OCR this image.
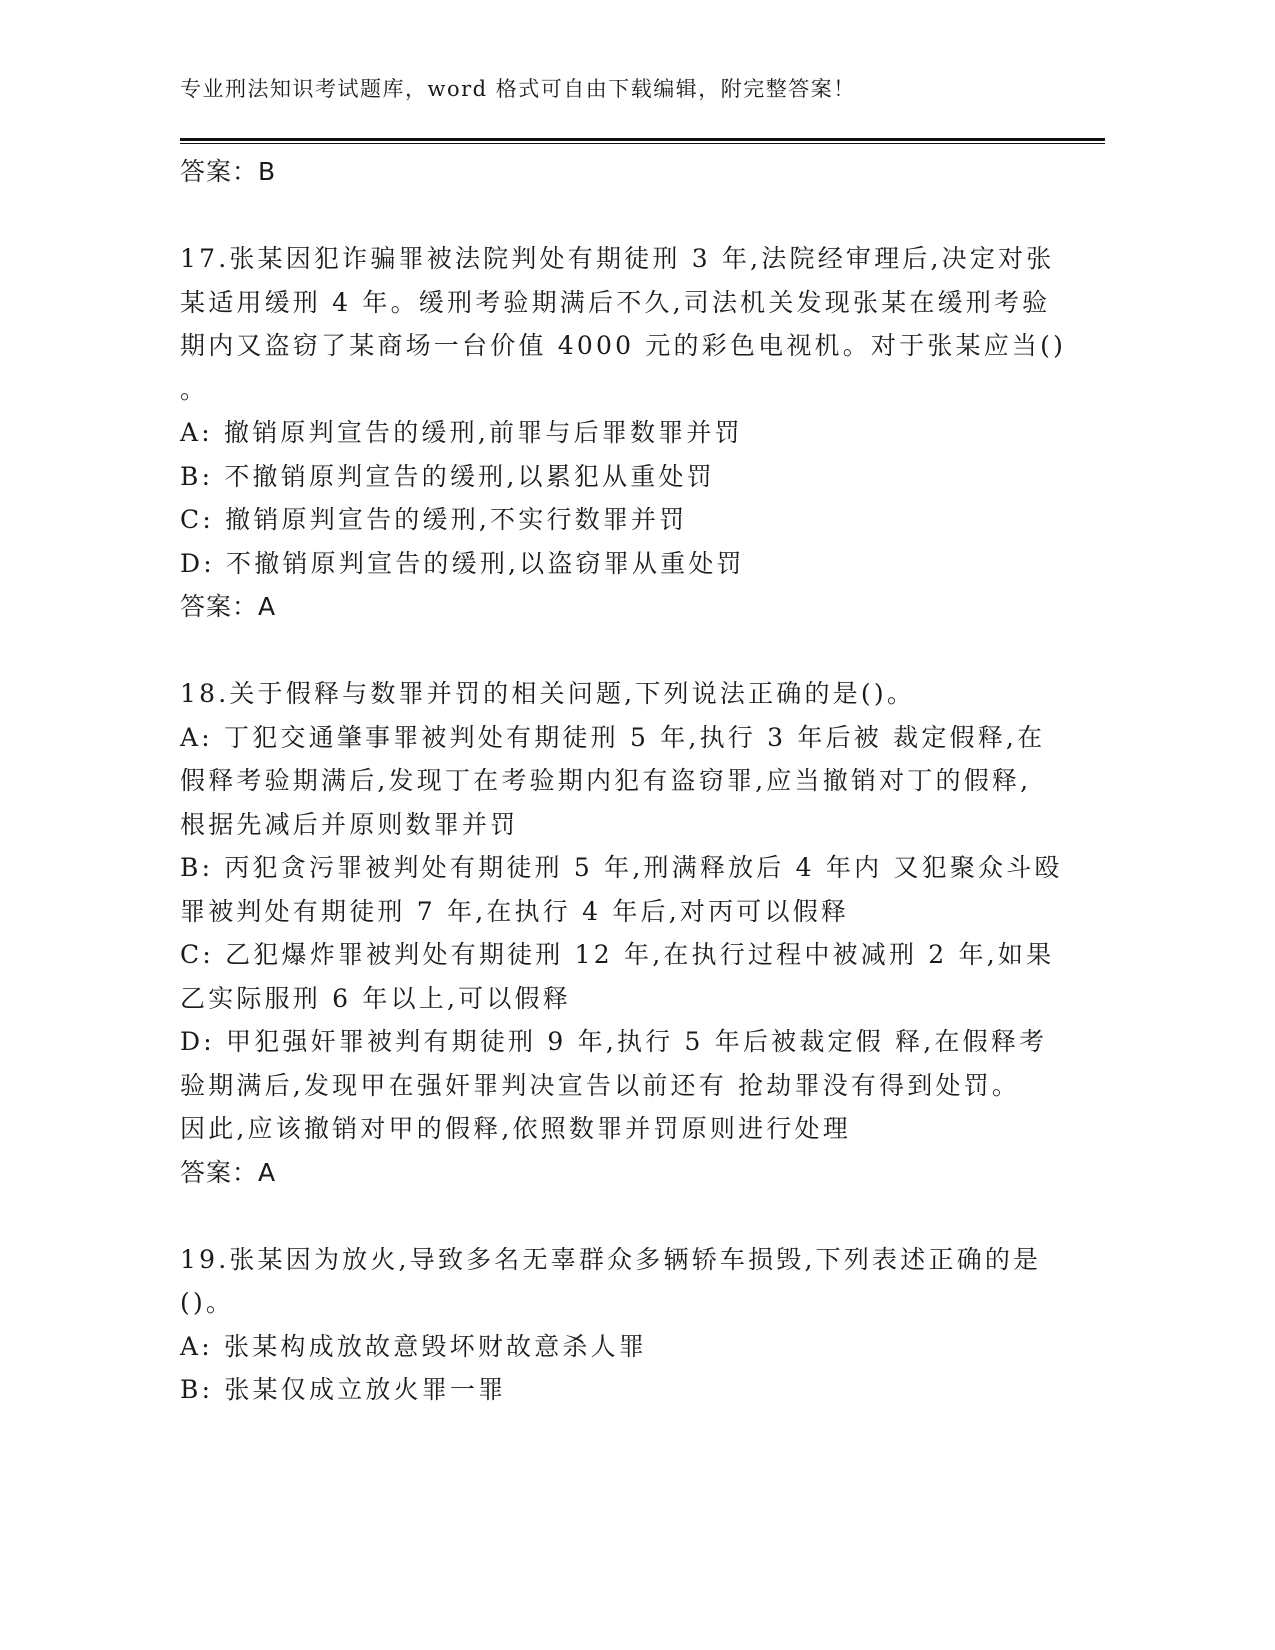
专业刑法知识考试题库，word 格式可自由下载编辑，附完整答案！
答案：B
17.张某因犯诈骗罪被法院判处有期徒刑 3 年,法院经审理后,决定对张
某适用缓刑 4 年。缓刑考验期满后不久,司法机关发现张某在缓刑考验
期内又盗窃了某商场一台价值 4000 元的彩色电视机。对于张某应当()
。
A: 撤销原判宣告的缓刑,前罪与后罪数罪并罚
B: 不撤销原判宣告的缓刑,以累犯从重处罚
C: 撤销原判宣告的缓刑,不实行数罪并罚
D: 不撤销原判宣告的缓刑,以盗窃罪从重处罚
答案：A
18.关于假释与数罪并罚的相关问题,下列说法正确的是()。
A: 丁犯交通肇事罪被判处有期徒刑 5 年,执行 3 年后被 裁定假释,在
假释考验期满后,发现丁在考验期内犯有盗窃罪,应当撤销对丁的假释,
根据先减后并原则数罪并罚
B: 丙犯贪污罪被判处有期徒刑 5 年,刑满释放后 4 年内 又犯聚众斗殴
罪被判处有期徒刑 7 年,在执行 4 年后,对丙可以假释
C: 乙犯爆炸罪被判处有期徒刑 12 年,在执行过程中被减刑 2 年,如果
乙实际服刑 6 年以上,可以假释
D: 甲犯强奸罪被判有期徒刑 9 年,执行 5 年后被裁定假 释,在假释考
验期满后,发现甲在强奸罪判决宣告以前还有 抢劫罪没有得到处罚。
因此,应该撤销对甲的假释,依照数罪并罚原则进行处理
答案：A
19.张某因为放火,导致多名无辜群众多辆轿车损毁,下列表述正确的是
()。
A: 张某构成放故意毁坏财故意杀人罪
B: 张某仅成立放火罪一罪
